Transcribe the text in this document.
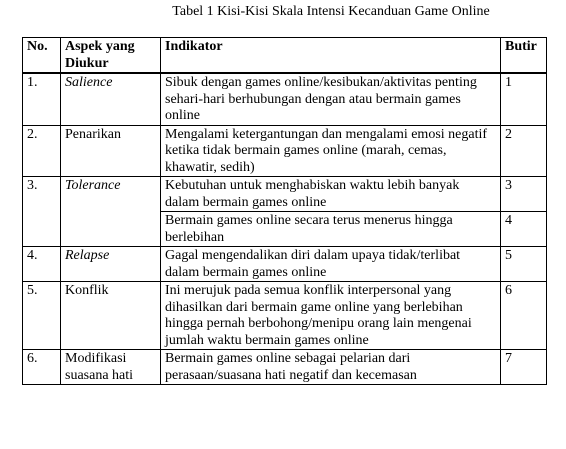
Tabel 1 Kisi-Kisi Skala Intensi Kecanduan Game Online
No.	Aspek yang Diukur	Indikator	Butir
1.	Salience	Sibuk dengan games online/kesibukan/aktivitas penting sehari-hari berhubungan dengan atau bermain games online	1
2.	Penarikan	Mengalami ketergantungan dan mengalami emosi negatif ketika tidak bermain games online (marah, cemas, khawatir, sedih)	2
3.	Tolerance	Kebutuhan untuk menghabiskan waktu lebih banyak dalam bermain games online	3
		Bermain games online secara terus menerus hingga berlebihan	4
4.	Relapse	Gagal mengendalikan diri dalam upaya tidak/terlibat dalam bermain games online	5
5.	Konflik	Ini merujuk pada semua konflik interpersonal yang dihasilkan dari bermain game online yang berlebihan hingga pernah berbohong/menipu orang lain mengenai jumlah waktu bermain games online	6
6.	Modifikasi suasana hati	Bermain games online sebagai pelarian dari perasaan/suasana hati negatif dan kecemasan	7
